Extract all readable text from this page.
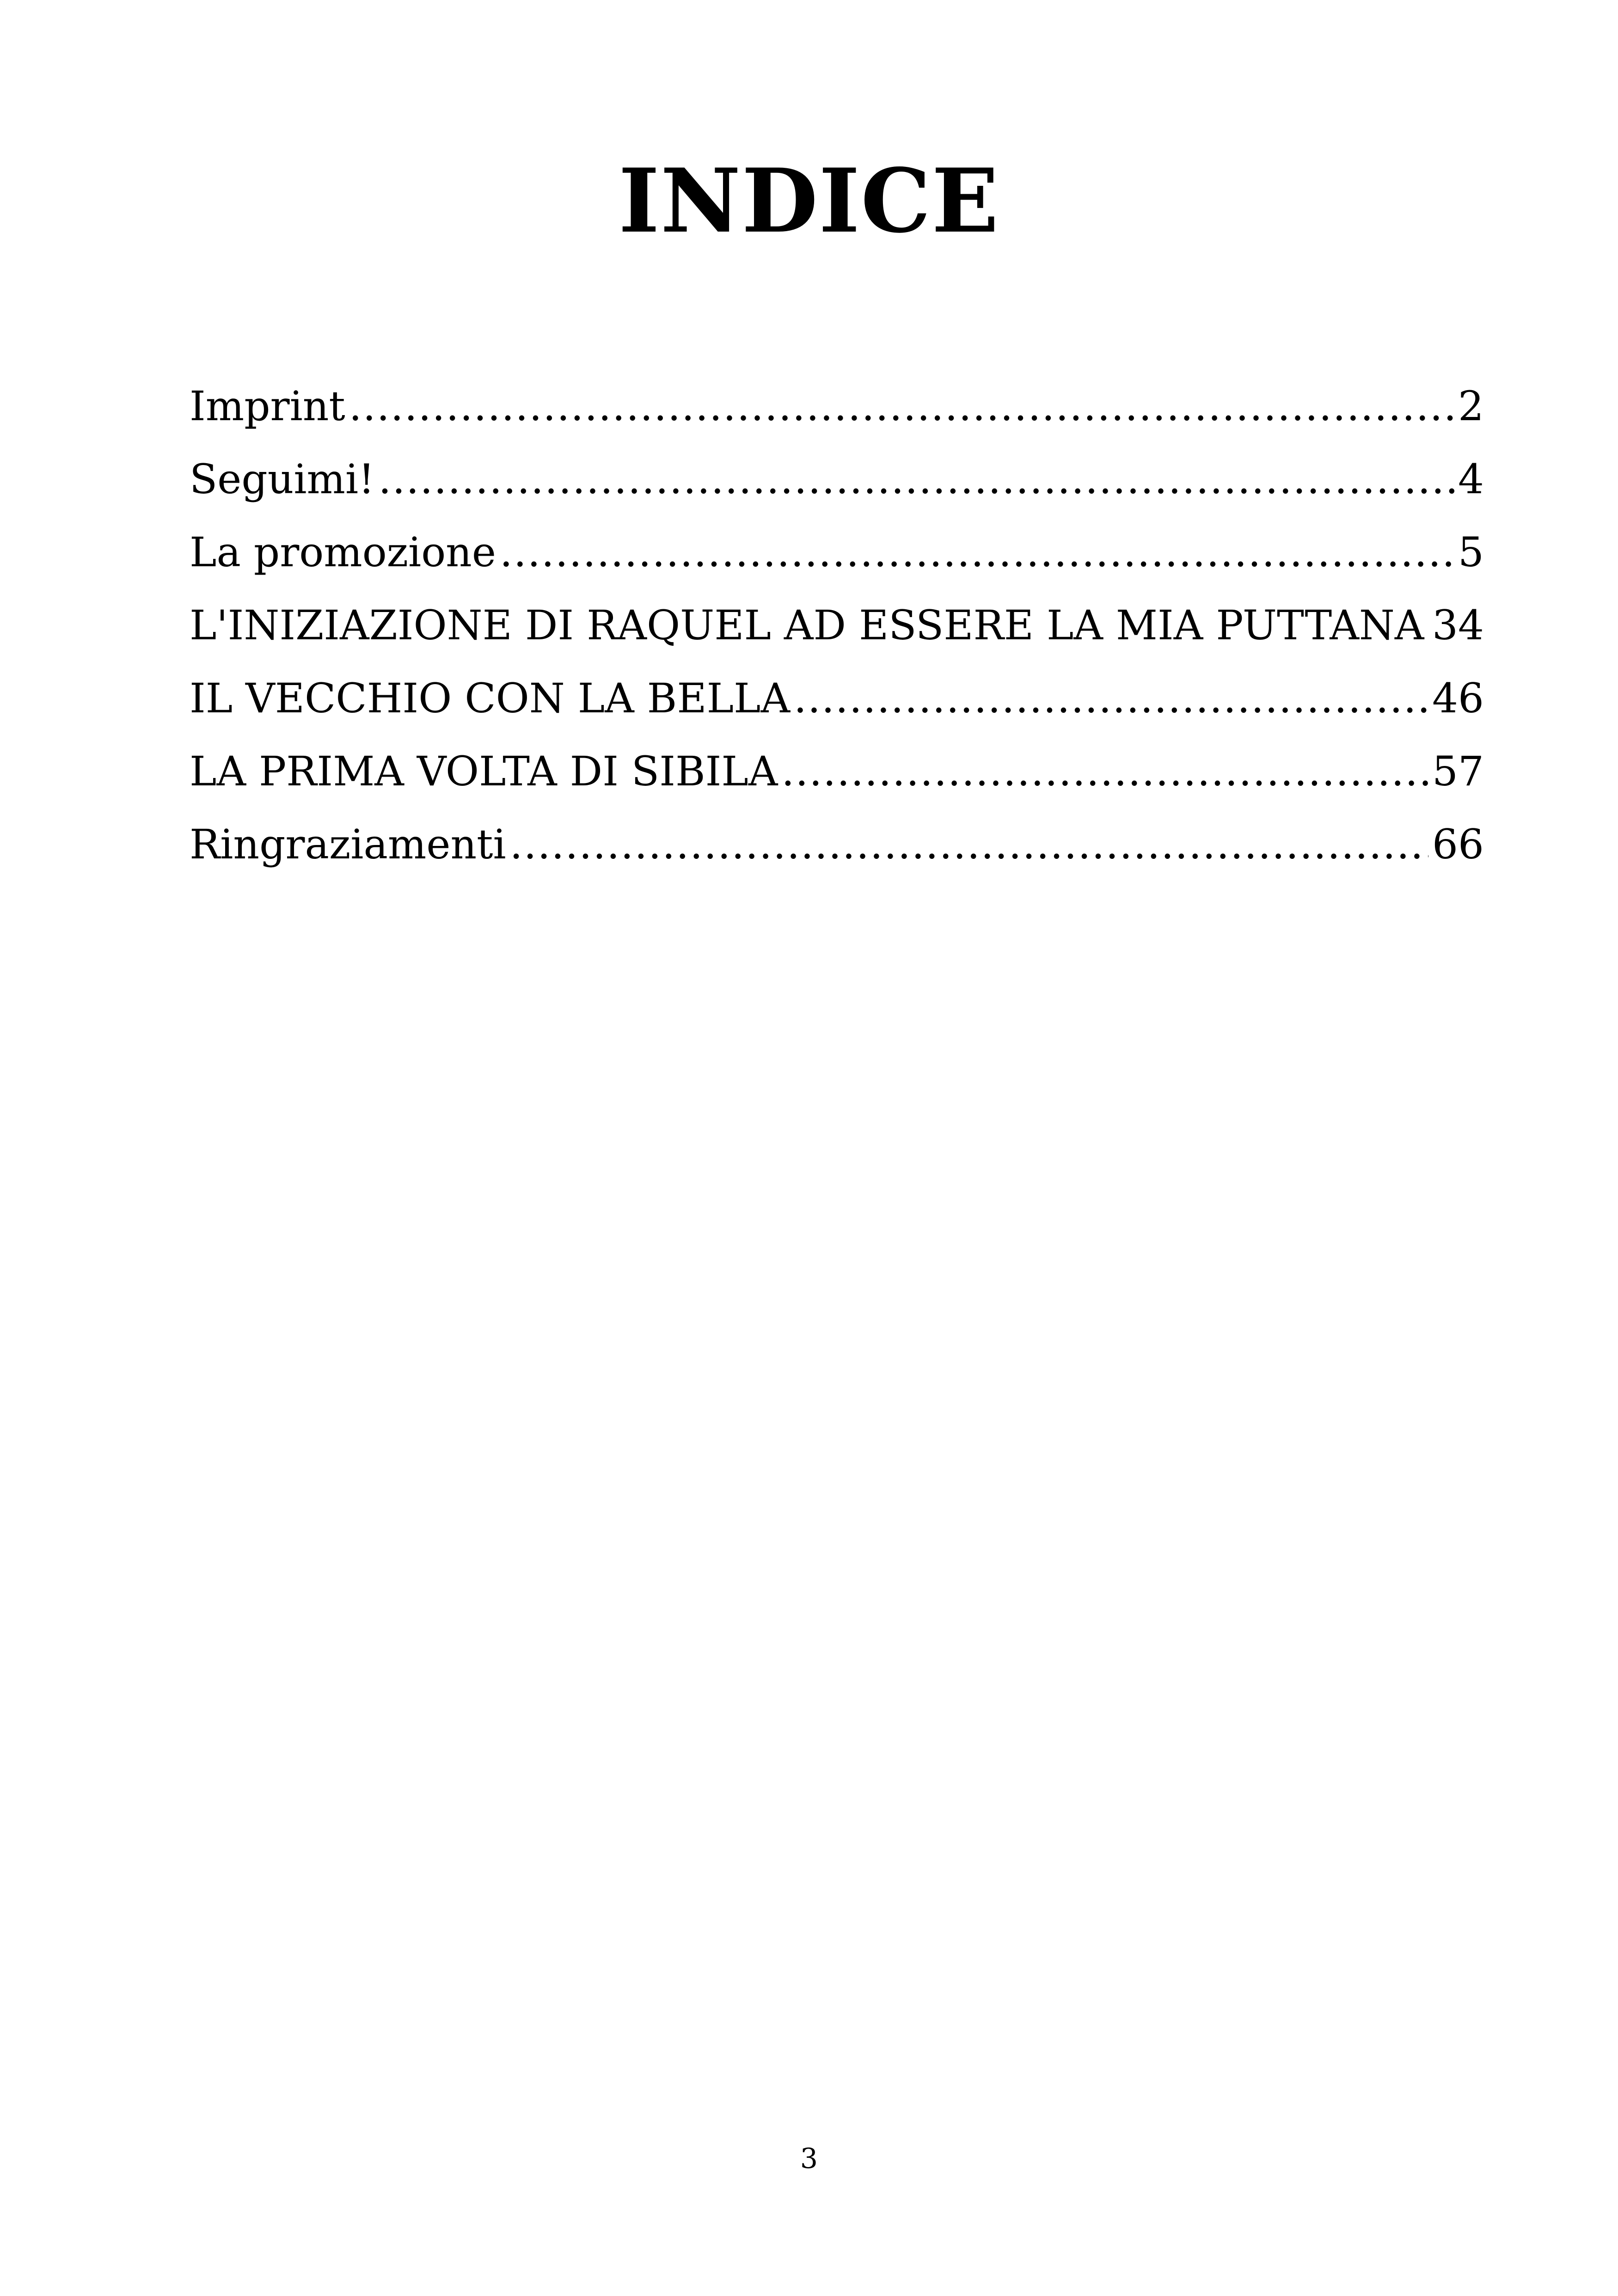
INDICE
Imprint .....	2
Seguimi! .....	4
La promozione .....	5
L'INIZIAZIONE DI RAQUEL AD ESSERE LA MIA PUTTANA ..... 34
IL VECCHIO CON LA BELLA .....	46
LA PRIMA VOLTA DI SIBILA .....	57
Ringraziamenti .....	66
3
